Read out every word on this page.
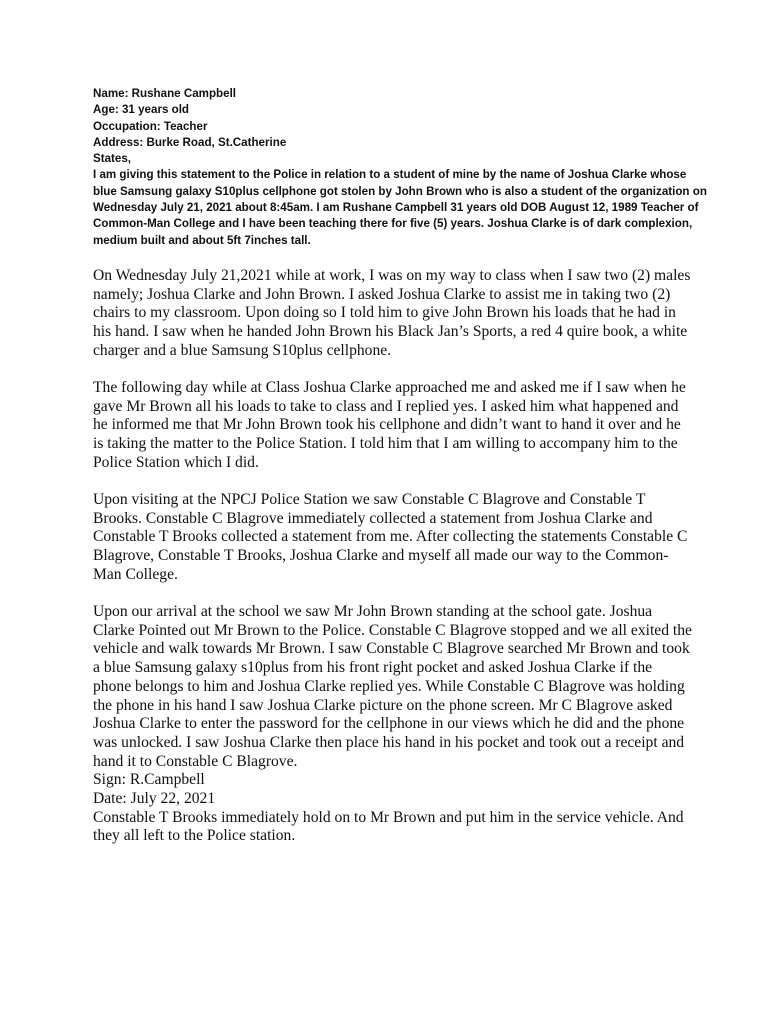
Name: Rushane Campbell
Age: 31 years old
Occupation: Teacher
Address: Burke Road, St.Catherine
States,
I am giving this statement to the Police in relation to a student of mine by the name of Joshua Clarke whose blue Samsung galaxy S10plus cellphone got stolen by John Brown who is also a student of the organization on Wednesday July 21, 2021 about 8:45am. I am Rushane Campbell 31 years old DOB August 12, 1989 Teacher of Common-Man College and I have been teaching there for five (5) years. Joshua Clarke is of dark complexion, medium built and about 5ft 7inches tall.

On Wednesday July 21,2021 while at work, I was on my way to class when I saw two (2) males namely; Joshua Clarke and John Brown. I asked Joshua Clarke to assist me in taking two (2) chairs to my classroom. Upon doing so I told him to give John Brown his loads that he had in his hand. I saw when he handed John Brown his Black Jan’s Sports, a red 4 quire book, a white charger and a blue Samsung S10plus cellphone.

The following day while at Class Joshua Clarke approached me and asked me if I saw when he gave Mr Brown all his loads to take to class and I replied yes. I asked him what happened and he informed me that Mr John Brown took his cellphone and didn’t want to hand it over and he is taking the matter to the Police Station. I told him that I am willing to accompany him to the Police Station which I did.

Upon visiting at the NPCJ Police Station we saw Constable C Blagrove and Constable T Brooks. Constable C Blagrove immediately collected a statement from Joshua Clarke and Constable T Brooks collected a statement from me. After collecting the statements Constable C Blagrove, Constable T Brooks, Joshua Clarke and myself all made our way to the Common-Man College.

Upon our arrival at the school we saw Mr John Brown standing at the school gate. Joshua Clarke Pointed out Mr Brown to the Police. Constable C Blagrove stopped and we all exited the vehicle and walk towards Mr Brown. I saw Constable C Blagrove searched Mr Brown and took a blue Samsung galaxy s10plus from his front right pocket and asked Joshua Clarke if the phone belongs to him and Joshua Clarke replied yes. While Constable C Blagrove was holding the phone in his hand I saw Joshua Clarke picture on the phone screen. Mr C Blagrove asked Joshua Clarke to enter the password for the cellphone in our views which he did and the phone was unlocked. I saw Joshua Clarke then place his hand in his pocket and took out a receipt and hand it to Constable C Blagrove.

Sign: R.Campbell
Date: July 22, 2021
Constable T Brooks immediately hold on to Mr Brown and put him in the service vehicle. And they all left to the Police station.
